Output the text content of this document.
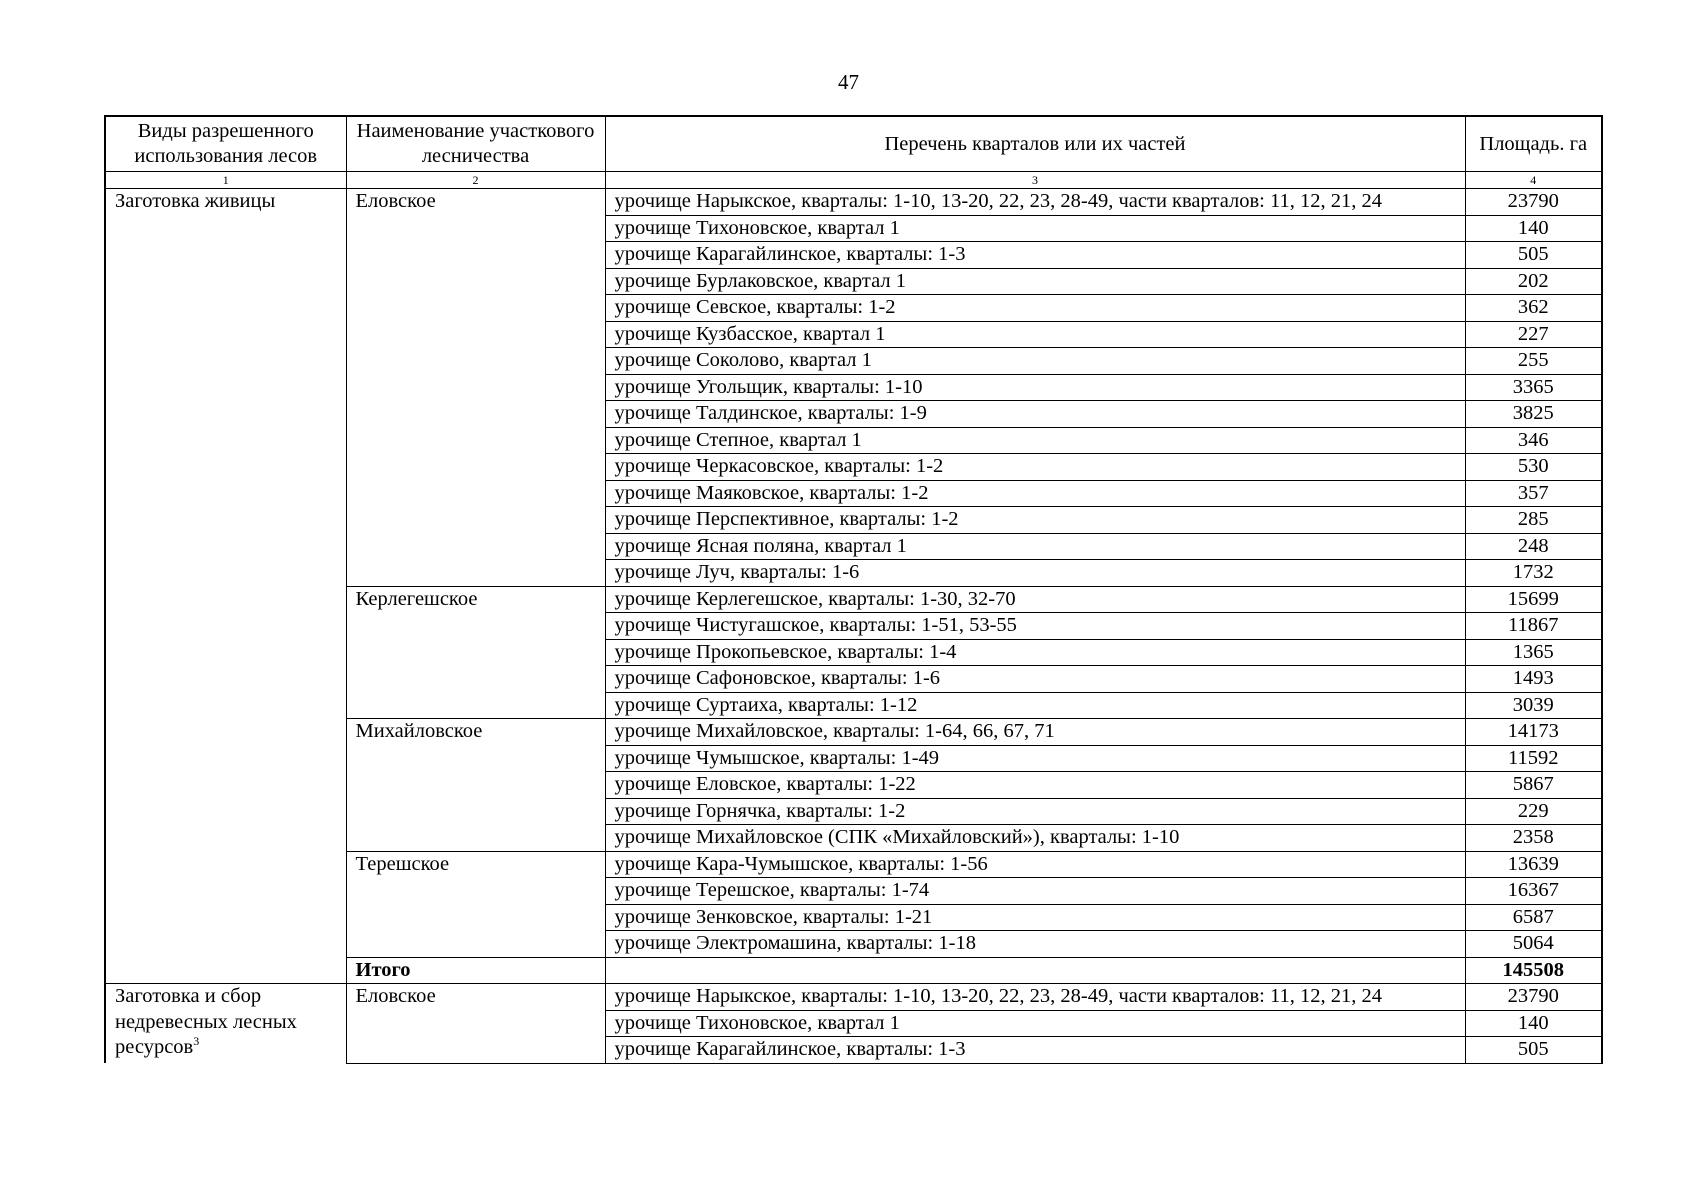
47
Виды разрешенного использования лесов	Наименование участкового лесничества	Перечень кварталов или их частей	Площадь. га
1	2	3	4
Заготовка живицы	Еловское	урочище Нарыкское, кварталы: 1-10, 13-20, 22, 23, 28-49, части кварталов: 11, 12, 21, 24	23790
		урочище Тихоновское, квартал 1	140
		урочище Карагайлинское, кварталы: 1-3	505
		урочище Бурлаковское, квартал 1	202
		урочище Севское, кварталы: 1-2	362
		урочище Кузбасское, квартал 1	227
		урочище Соколово, квартал 1	255
		урочище Угольщик, кварталы: 1-10	3365
		урочище Талдинское, кварталы: 1-9	3825
		урочище Степное, квартал 1	346
		урочище Черкасовское, кварталы: 1-2	530
		урочище Маяковское, кварталы: 1-2	357
		урочище Перспективное, кварталы: 1-2	285
		урочище Ясная поляна, квартал 1	248
		урочище Луч, кварталы: 1-6	1732
	Керлегешское	урочище Керлегешское, кварталы: 1-30, 32-70	15699
		урочище Чистугашское, кварталы: 1-51, 53-55	11867
		урочище Прокопьевское, кварталы: 1-4	1365
		урочище Сафоновское, кварталы: 1-6	1493
		урочище Суртаиха, кварталы: 1-12	3039
	Михайловское	урочище Михайловское, кварталы: 1-64, 66, 67, 71	14173
		урочище Чумышское, кварталы: 1-49	11592
		урочище Еловское, кварталы: 1-22	5867
		урочище Горнячка, кварталы: 1-2	229
		урочище Михайловское (СПК «Михайловский»), кварталы: 1-10	2358
	Терешское	урочище Кара-Чумышское, кварталы: 1-56	13639
		урочище Терешское, кварталы: 1-74	16367
		урочище Зенковское, кварталы: 1-21	6587
		урочище Электромашина, кварталы: 1-18	5064
	Итого		145508
Заготовка и сбор недревесных лесных ресурсов$^3$	Еловское	урочище Нарыкское, кварталы: 1-10, 13-20, 22, 23, 28-49, части кварталов: 11, 12, 21, 24	23790
		урочище Тихоновское, квартал 1	140
		урочище Карагайлинское, кварталы: 1-3	505
